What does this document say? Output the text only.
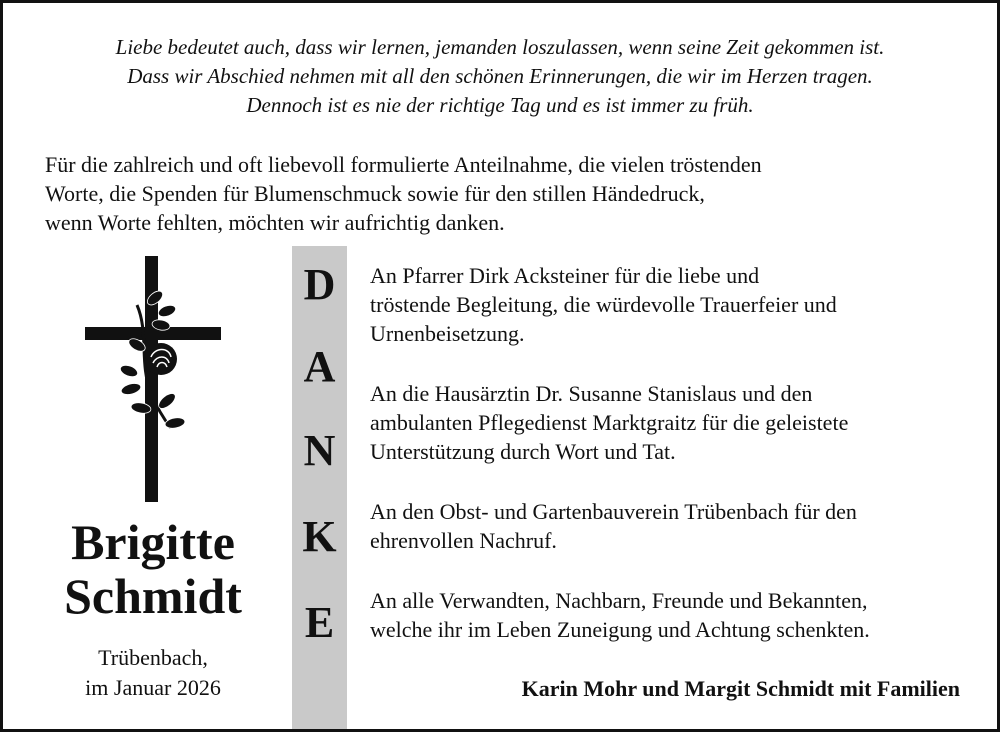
Liebe bedeutet auch, dass wir lernen, jemanden loszulassen, wenn seine Zeit gekommen ist.
Dass wir Abschied nehmen mit all den schönen Erinnerungen, die wir im Herzen tragen.
Dennoch ist es nie der richtige Tag und es ist immer zu früh.
Für die zahlreich und oft liebevoll formulierte Anteilnahme, die vielen tröstenden
Worte, die Spenden für Blumenschmuck sowie für den stillen Händedruck,
wenn Worte fehlten, möchten wir aufrichtig danken.
Brigitte
Schmidt
Trübenbach,
im Januar 2026
D
A
N
K
E
An Pfarrer Dirk Acksteiner für die liebe und
tröstende Begleitung, die würdevolle Trauerfeier und
Urnenbeisetzung.
An die Hausärztin Dr. Susanne Stanislaus und den
ambulanten Pflegedienst Marktgraitz für die geleistete
Unterstützung durch Wort und Tat.
An den Obst- und Gartenbauverein Trübenbach für den
ehrenvollen Nachruf.
An alle Verwandten, Nachbarn, Freunde und Bekannten,
welche ihr im Leben Zuneigung und Achtung schenkten.
Karin Mohr und Margit Schmidt mit Familien
